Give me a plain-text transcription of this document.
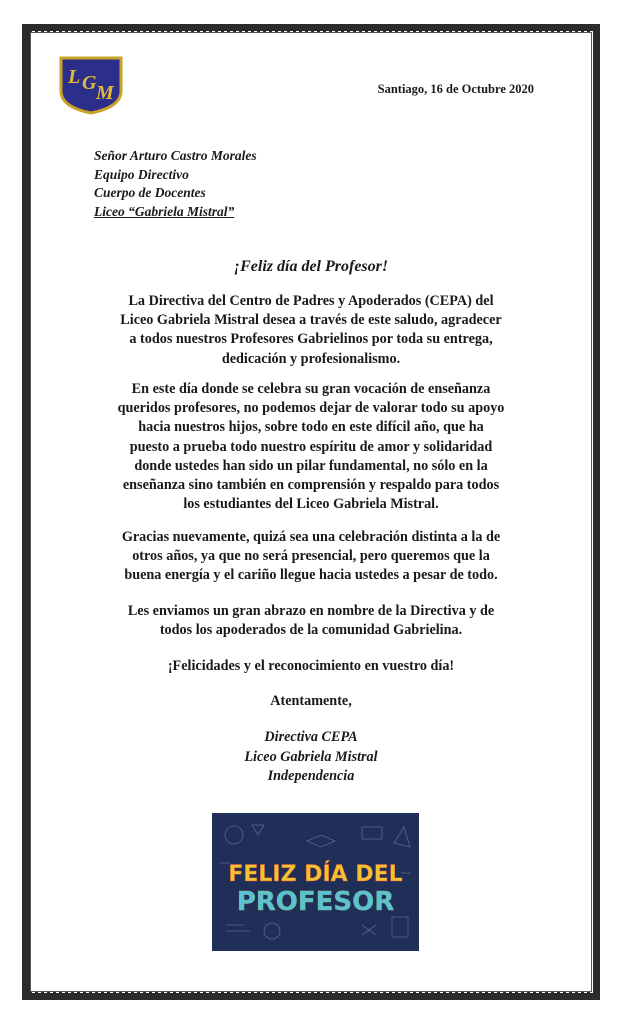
L G M	Santiago, 16 de Octubre 2020
Señor Arturo Castro Morales
Equipo Directivo
Cuerpo de Docentes
Liceo “Gabriela Mistral”
¡Feliz día del Profesor!
La Directiva del Centro de Padres y Apoderados (CEPA) del
Liceo Gabriela Mistral desea a través de este saludo, agradecer
a todos nuestros Profesores Gabrielinos por toda su entrega,
dedicación y profesionalismo.
En este día donde se celebra su gran vocación de enseñanza
queridos profesores, no podemos dejar de valorar todo su apoyo
hacia nuestros hijos, sobre todo en este difícil año, que ha
puesto a prueba todo nuestro espíritu de amor y solidaridad
donde ustedes han sido un pilar fundamental, no sólo en la
enseñanza sino también en comprensión y respaldo para todos
los estudiantes del Liceo Gabriela Mistral.
Gracias nuevamente, quizá sea una celebración distinta a la de
otros años, ya que no será presencial, pero queremos que la
buena energía y el cariño llegue hacia ustedes a pesar de todo.
Les enviamos un gran abrazo en nombre de la Directiva y de
todos los apoderados de la comunidad Gabrielina.
¡Felicidades y el reconocimiento en vuestro día!
Atentamente,
Directiva CEPA
Liceo Gabriela Mistral
Independencia
FELIZ DÍA DEL
PROFESOR
